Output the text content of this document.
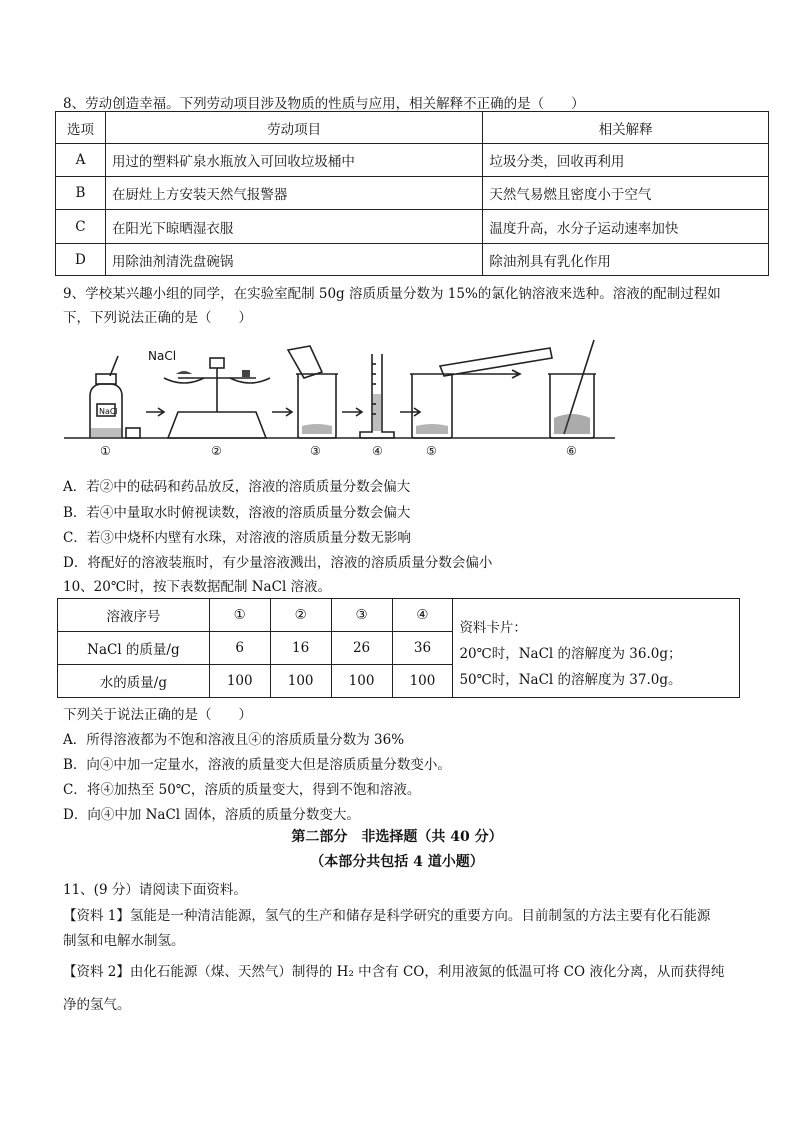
8、劳动创造幸福。下列劳动项目涉及物质的性质与应用，相关解释不正确的是（　　）
选项	劳动项目	相关解释
A	用过的塑料矿泉水瓶放入可回收垃圾桶中	垃圾分类，回收再利用
B	在厨灶上方安装天然气报警器	天然气易燃且密度小于空气
C	在阳光下晾晒湿衣服	温度升高，水分子运动速率加快
D	用除油剂清洗盘碗锅	除油剂具有乳化作用
9、学校某兴趣小组的同学，在实验室配制 50g 溶质质量分数为 15%的氯化钠溶液来选种。溶液的配制过程如
下，下列说法正确的是（　　）
NaCl
NaCl
①	②	③	④	⑤	⑥
A．若②中的砝码和药品放反，溶液的溶质质量分数会偏大
B．若④中量取水时俯视读数，溶液的溶质质量分数会偏大
C．若③中烧杯内壁有水珠，对溶液的溶质质量分数无影响
D．将配好的溶液装瓶时，有少量溶液溅出，溶液的溶质质量分数会偏小
10、20℃时，按下表数据配制 NaCl 溶液。
溶液序号	①	②	③	④	资料卡片：
20℃时，NaCl 的溶解度为 36.0g；
50℃时，NaCl 的溶解度为 37.0g。

NaCl 的质量/g	6	16	26	36	
水的质量/g	100	100	100	100	
下列关于说法正确的是（　　）
A．所得溶液都为不饱和溶液且④的溶质质量分数为 36%
B．向④中加一定量水，溶液的质量变大但是溶质质量分数变小。
C．将④加热至 50℃，溶质的质量变大，得到不饱和溶液。
D．向④中加 NaCl 固体，溶质的质量分数变大。
第二部分　非选择题（共 40 分）
（本部分共包括 4 道小题）
11、(9 分）请阅读下面资料。
【资料 1】氢能是一种清洁能源，氢气的生产和储存是科学研究的重要方向。目前制氢的方法主要有化石能源
制氢和电解水制氢。
【资料 2】由化石能源（煤、天然气）制得的 H₂ 中含有 CO，利用液氮的低温可将 CO 液化分离，从而获得纯
净的氢气。
